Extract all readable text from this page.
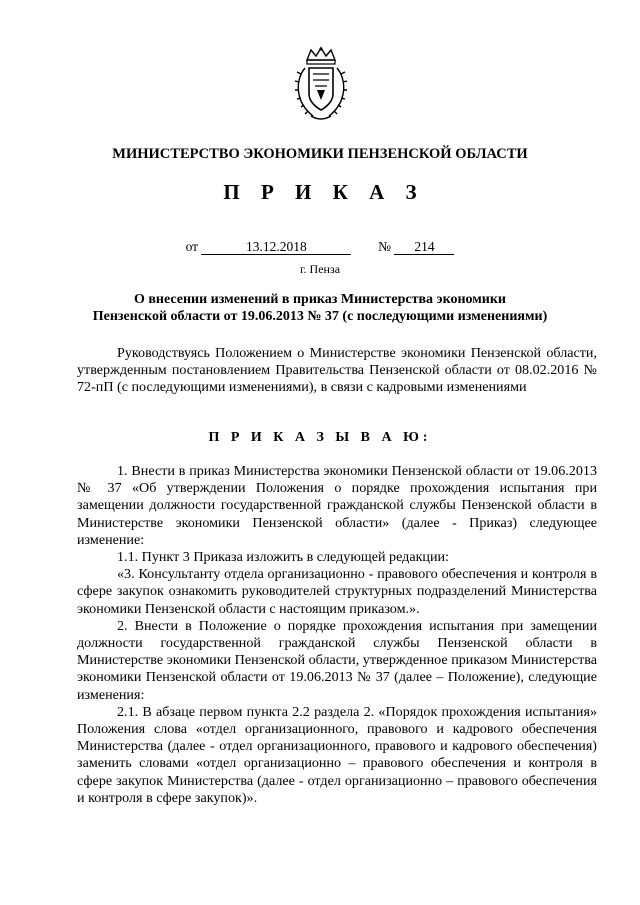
МИНИСТЕРСТВО ЭКОНОМИКИ ПЕНЗЕНСКОЙ ОБЛАСТИ
П Р И К А З
от	13.12.2018	№ 214
г. Пенза
О внесении изменений в приказ Министерства экономики
Пензенской области от 19.06.2013 № 37 (с последующими изменениями)

Руководствуясь Положением о Министерстве экономики Пензенской области, утвержденным постановлением Правительства Пензенской области от 08.02.2016 № 72-пП (с последующими изменениями), в связи с кадровыми изменениями

П Р И К А З Ы В А Ю:

1. Внести в приказ Министерства экономики Пензенской области от 19.06.2013 № 37 «Об утверждении Положения о порядке прохождения испытания при замещении должности государственной гражданской службы Пензенской области в Министерстве экономики Пензенской области» (далее - Приказ) следующее изменение:

1.1. Пункт 3 Приказа изложить в следующей редакции:

«3. Консультанту отдела организационно - правового обеспечения и контроля в сфере закупок ознакомить руководителей структурных подразделений Министерства экономики Пензенской области с настоящим приказом.».

2. Внести в Положение о порядке прохождения испытания при замещении должности государственной гражданской службы Пензенской области в Министерстве экономики Пензенской области, утвержденное приказом Министерства экономики Пензенской области от 19.06.2013 № 37 (далее – Положение), следующие изменения:

2.1. В абзаце первом пункта 2.2 раздела 2. «Порядок прохождения испытания» Положения слова «отдел организационного, правового и кадрового обеспечения Министерства (далее - отдел организационного, правового и кадрового обеспечения) заменить словами «отдел организационно – правового обеспечения и контроля в сфере закупок Министерства (далее - отдел организационно – правового обеспечения и контроля в сфере закупок)».
